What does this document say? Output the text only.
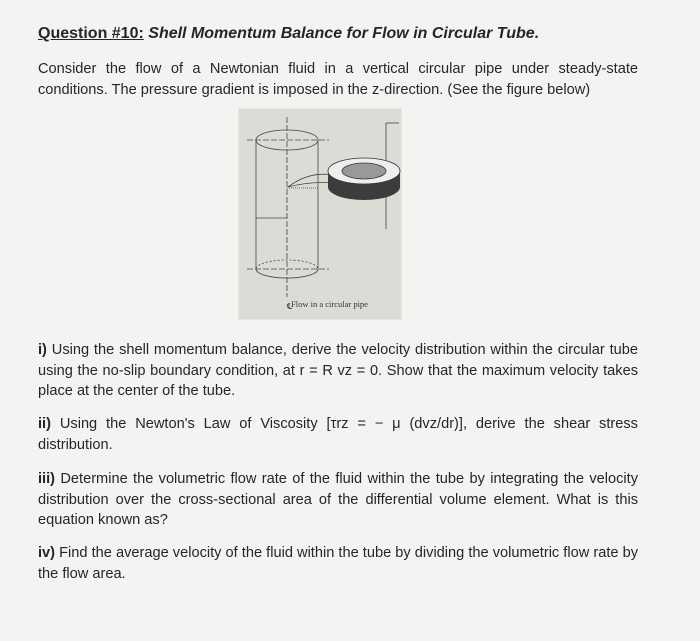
Question #10: Shell Momentum Balance for Flow in Circular Tube.
Consider the flow of a Newtonian fluid in a vertical circular pipe under steady-state conditions. The pressure gradient is imposed in the z-direction. (See the figure below)
℄
Flow in a circular pipe
i) Using the shell momentum balance, derive the velocity distribution within the circular tube using the no-slip boundary condition, at r = R vz = 0. Show that the maximum velocity takes place at the center of the tube.
ii) Using the Newton's Law of Viscosity [τrz = − μ (dvz/dr)], derive the shear stress distribution.
iii) Determine the volumetric flow rate of the fluid within the tube by integrating the velocity distribution over the cross-sectional area of the differential volume element. What is this equation known as?
iv) Find the average velocity of the fluid within the tube by dividing the volumetric flow rate by the flow area.
